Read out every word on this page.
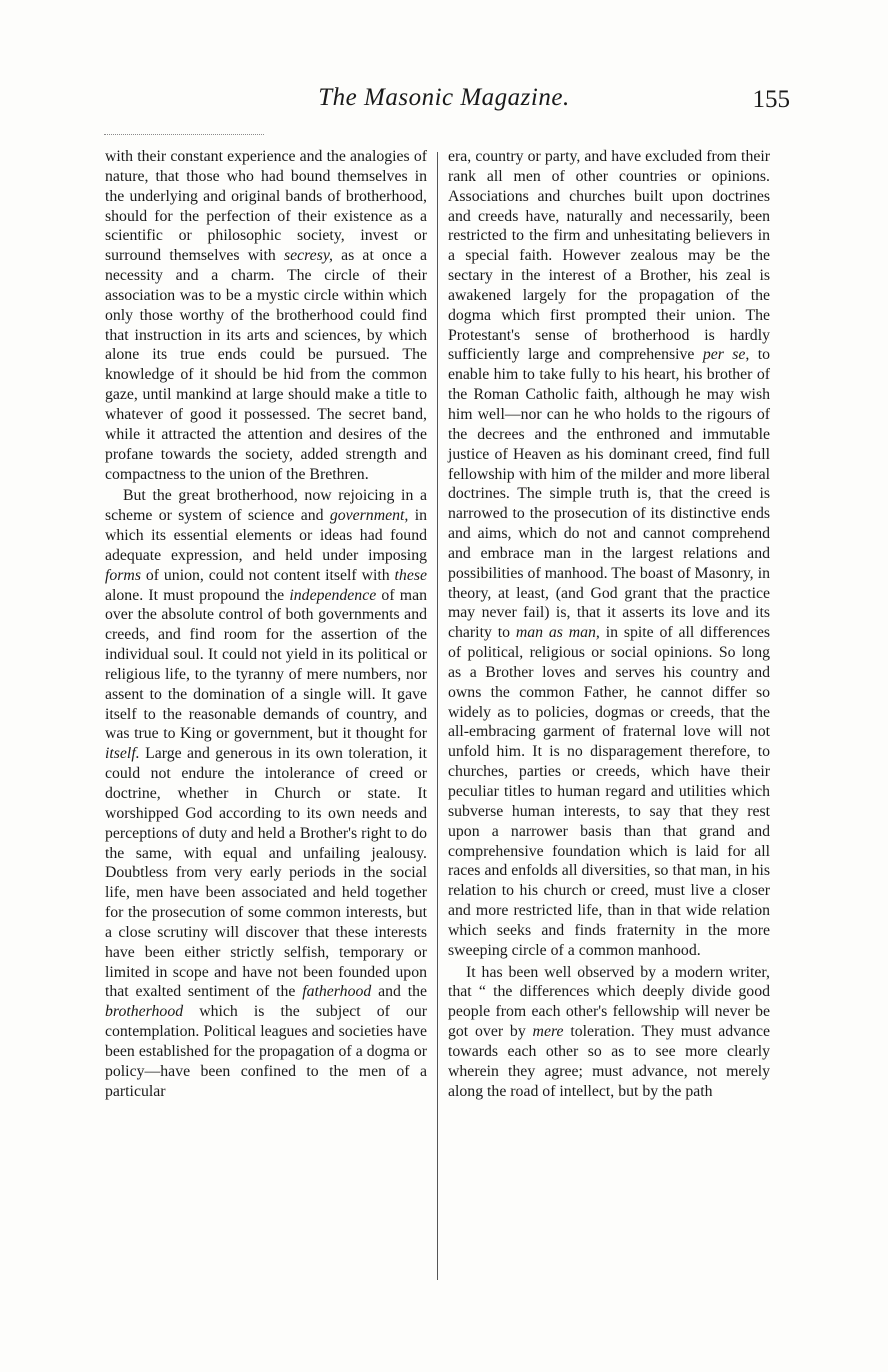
The Masonic Magazine.	155

with their constant experience and the analogies of nature, that those who had bound themselves in the underlying and original bands of brotherhood, should for the perfection of their existence as a scientific or philosophic society, invest or surround themselves with secresy, as at once a necessity and a charm. The circle of their association was to be a mystic circle within which only those worthy of the brotherhood could find that instruction in its arts and sciences, by which alone its true ends could be pursued. The knowledge of it should be hid from the common gaze, until mankind at large should make a title to whatever of good it possessed. The secret band, while it attracted the attention and desires of the profane towards the society, added strength and compactness to the union of the Brethren.

But the great brotherhood, now rejoicing in a scheme or system of science and government, in which its essential elements or ideas had found adequate expression, and held under imposing forms of union, could not content itself with these alone. It must propound the independence of man over the absolute control of both governments and creeds, and find room for the assertion of the individual soul. It could not yield in its political or religious life, to the tyranny of mere numbers, nor assent to the domination of a single will. It gave itself to the reasonable demands of country, and was true to King or government, but it thought for itself. Large and generous in its own toleration, it could not endure the intolerance of creed or doctrine, whether in Church or state. It worshipped God according to its own needs and perceptions of duty and held a Brother's right to do the same, with equal and unfailing jealousy. Doubtless from very early periods in the social life, men have been associated and held together for the prosecution of some common interests, but a close scrutiny will discover that these interests have been either strictly selfish, temporary or limited in scope and have not been founded upon that exalted sentiment of the fatherhood and the brotherhood which is the subject of our contemplation. Political leagues and societies have been established for the propagation of a dogma or policy—have been confined to the men of a particular

era, country or party, and have excluded from their rank all men of other countries or opinions. Associations and churches built upon doctrines and creeds have, naturally and necessarily, been restricted to the firm and unhesitating believers in a special faith. However zealous may be the sectary in the interest of a Brother, his zeal is awakened largely for the propagation of the dogma which first prompted their union. The Protestant's sense of brotherhood is hardly sufficiently large and comprehensive per se, to enable him to take fully to his heart, his brother of the Roman Catholic faith, although he may wish him well—nor can he who holds to the rigours of the decrees and the enthroned and immutable justice of Heaven as his dominant creed, find full fellowship with him of the milder and more liberal doctrines. The simple truth is, that the creed is narrowed to the prosecution of its distinctive ends and aims, which do not and cannot comprehend and embrace man in the largest relations and possibilities of manhood. The boast of Masonry, in theory, at least, (and God grant that the practice may never fail) is, that it asserts its love and its charity to man as man, in spite of all differences of political, religious or social opinions. So long as a Brother loves and serves his country and owns the common Father, he cannot differ so widely as to policies, dogmas or creeds, that the all-embracing garment of fraternal love will not unfold him. It is no disparagement therefore, to churches, parties or creeds, which have their peculiar titles to human regard and utilities which subverse human interests, to say that they rest upon a narrower basis than that grand and comprehensive foundation which is laid for all races and enfolds all diversities, so that man, in his relation to his church or creed, must live a closer and more restricted life, than in that wide relation which seeks and finds fraternity in the more sweeping circle of a common manhood.

It has been well observed by a modern writer, that “ the differences which deeply divide good people from each other's fellowship will never be got over by mere toleration. They must advance towards each other so as to see more clearly wherein they agree; must advance, not merely along the road of intellect, but by the path
